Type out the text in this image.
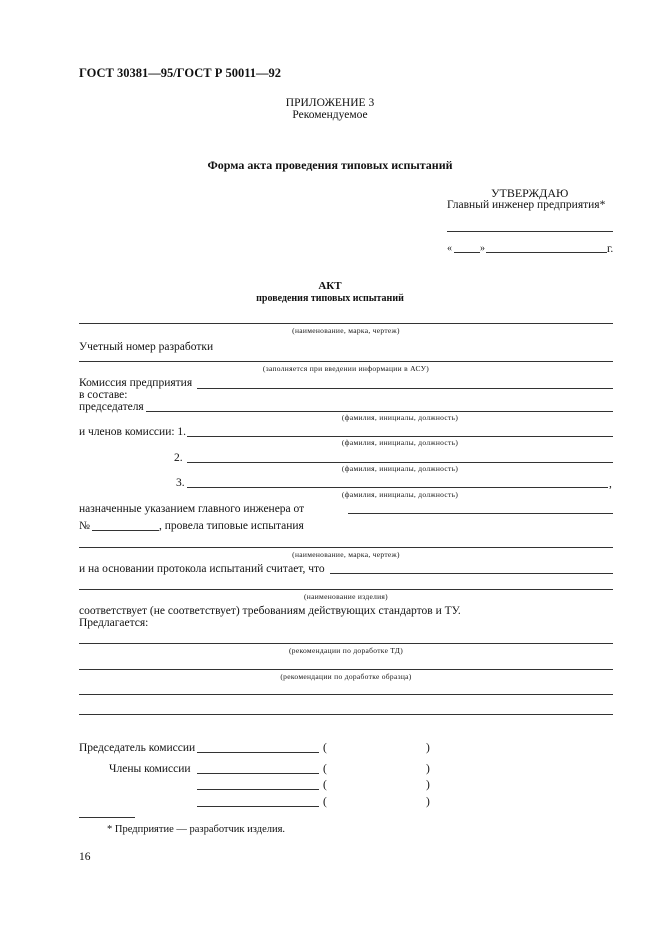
ГОСТ 30381—95/ГОСТ Р 50011—92
ПРИЛОЖЕНИЕ 3
Рекомендуемое
Форма акта проведения типовых испытаний
УТВЕРЖДАЮ
Главный инженер предприятия*
«	»	г.
АКТ
проведения типовых испытаний
(наименование, марка, чертеж)
Учетный номер разработки
(заполняется при введении информации в АСУ)
Комиссия предприятия
в составе:
председателя
(фамилия, инициалы, должность)
и членов комиссии: 1.
(фамилия, инициалы, должность)
2.
(фамилия, инициалы, должность)
3.	,
(фамилия, инициалы, должность)
назначенные указанием главного инженера от
№	, провела типовые испытания
(наименование, марка, чертеж)
и на основании протокола испытаний считает, что
(наименование изделия)
соответствует (не соответствует) требованиям действующих стандартов и ТУ.
Предлагается:
(рекомендации по доработке ТД)
(рекомендации по доработке образца)
Председатель комиссии	(	)
Члены комиссии	(	)
(	)
(	)
* Предприятие — разработчик изделия.
16
